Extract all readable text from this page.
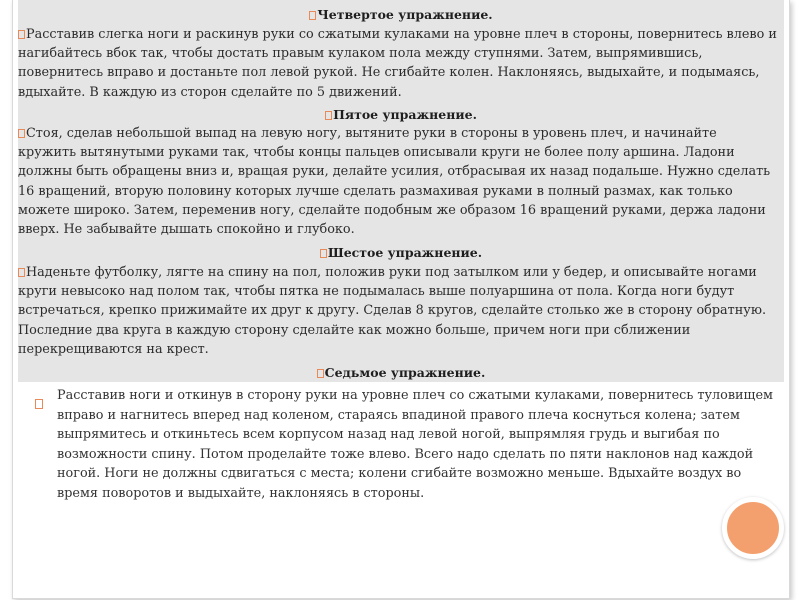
Четвертое упражнение.

Расставив слегка ноги и раскинув руки со сжатыми кулаками на уровне плеч в стороны, повернитесь влево и нагибайтесь вбок так, чтобы достать правым кулаком пола между ступнями. Затем, выпрямившись, повернитесь вправо и достаньте пол левой рукой. Не сгибайте колен. Наклоняясь, выдыхайте, и подымаясь, вдыхайте. В каждую из сторон сделайте по 5 движений.

Пятое упражнение.

Стоя, сделав небольшой выпад на левую ногу, вытяните руки в стороны в уровень плеч, и начинайте кружить вытянутыми руками так, чтобы концы пальцев описывали круги не более полу аршина. Ладони должны быть обращены вниз и, вращая руки, делайте усилия, отбрасывая их назад подальше. Нужно сделать 16 вращений, вторую половину которых лучше сделать размахивая руками в полный размах, как только можете широко. Затем, переменив ногу, сделайте подобным же образом 16 вращений руками, держа ладони вверх. Не забывайте дышать спокойно и глубоко.

Шестое упражнение.

Наденьте футболку, лягте на спину на пол, положив руки под затылком или у бедер, и описывайте ногами круги невысоко над полом так, чтобы пятка не подымалась выше полуаршина от пола. Когда ноги будут встречаться, крепко прижимайте их друг к другу. Сделав 8 кругов, сделайте столько же в сторону обратную. Последние два круга в каждую сторону сделайте как можно больше, причем ноги при сближении перекрещиваются на крест.

Седьмое упражнение.

Расставив ноги и откинув в сторону руки на уровне плеч со сжатыми кулаками, повернитесь туловищем вправо и нагнитесь вперед над коленом, стараясь впадиной правого плеча коснуться колена; затем выпрямитесь и откиньтесь всем корпусом назад над левой ногой, выпрямляя грудь и выгибая по возможности спину. Потом проделайте тоже влево. Всего надо сделать по пяти наклонов над каждой ногой. Ноги не должны сдвигаться с места; колени сгибайте возможно меньше. Вдыхайте воздух во время поворотов и выдыхайте, наклоняясь в стороны.
